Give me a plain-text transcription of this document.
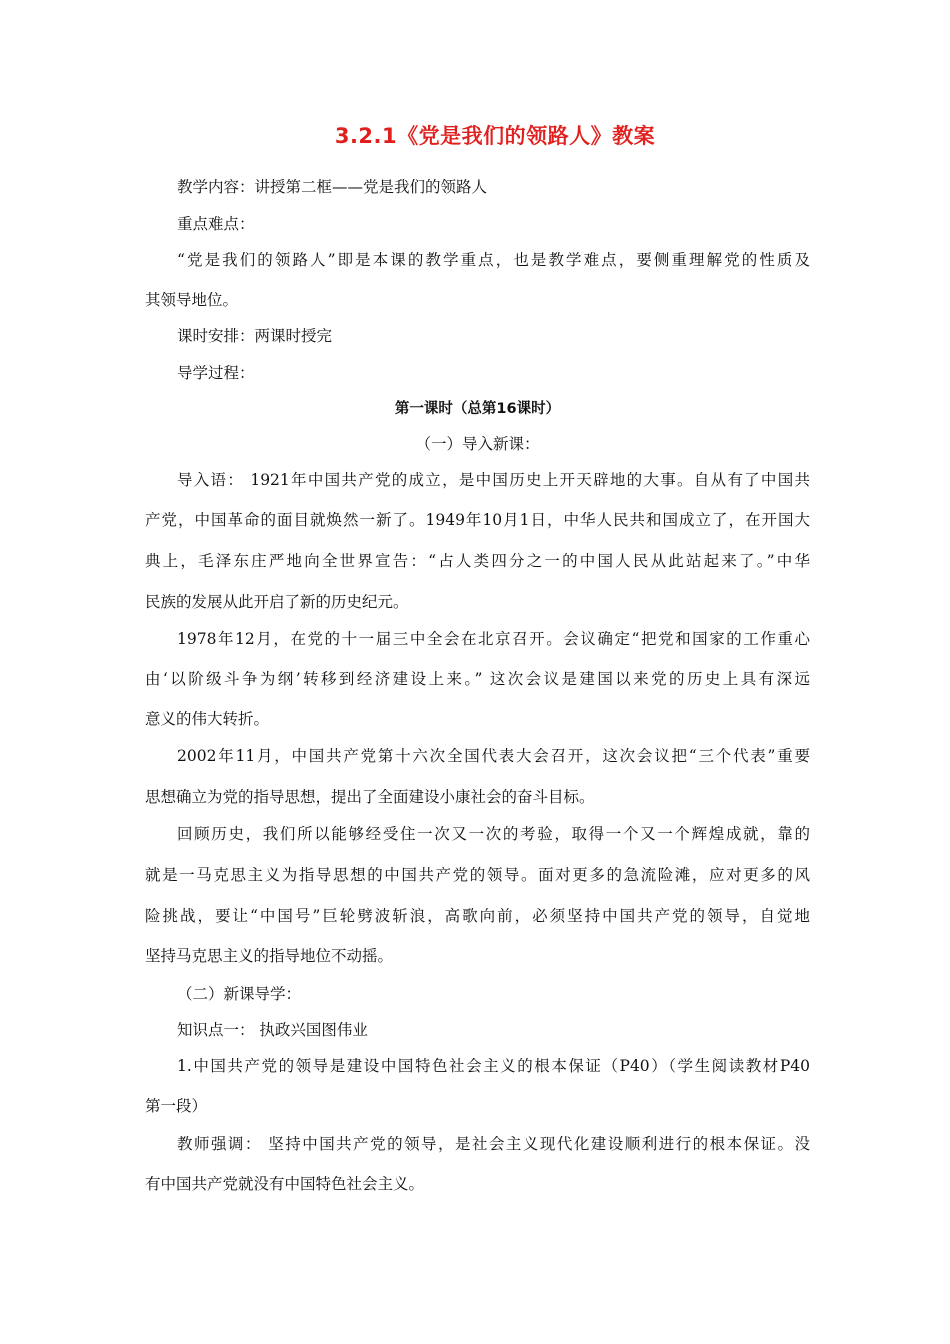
3.2.1《党是我们的领路人》教案
教学内容：讲授第二框——党是我们的领路人
重点难点：
“党是我们的领路人”即是本课的教学重点，也是教学难点，要侧重理解党的性质及
其领导地位。
课时安排：两课时授完
导学过程：
第一课时（总第16课时）
（一）导入新课：
导入语： 1921年中国共产党的成立，是中国历史上开天辟地的大事。自从有了中国共
产党，中国革命的面目就焕然一新了。1949年10月1日，中华人民共和国成立了，在开国大
典上，毛泽东庄严地向全世界宣告：“占人类四分之一的中国人民从此站起来了。”中华
民族的发展从此开启了新的历史纪元。
1978年12月，在党的十一届三中全会在北京召开。会议确定“把党和国家的工作重心
由‘以阶级斗争为纲’转移到经济建设上来。” 这次会议是建国以来党的历史上具有深远
意义的伟大转折。
2002年11月，中国共产党第十六次全国代表大会召开，这次会议把“三个代表”重要
思想确立为党的指导思想，提出了全面建设小康社会的奋斗目标。
回顾历史，我们所以能够经受住一次又一次的考验，取得一个又一个辉煌成就，靠的
就是一马克思主义为指导思想的中国共产党的领导。面对更多的急流险滩，应对更多的风
险挑战，要让“中国号”巨轮劈波斩浪，高歌向前，必须坚持中国共产党的领导，自觉地
坚持马克思主义的指导地位不动摇。
（二）新课导学：
知识点一： 执政兴国图伟业
1.中国共产党的领导是建设中国特色社会主义的根本保证（P40）（学生阅读教材P40
第一段）
教师强调： 坚持中国共产党的领导，是社会主义现代化建设顺利进行的根本保证。没
有中国共产党就没有中国特色社会主义。
